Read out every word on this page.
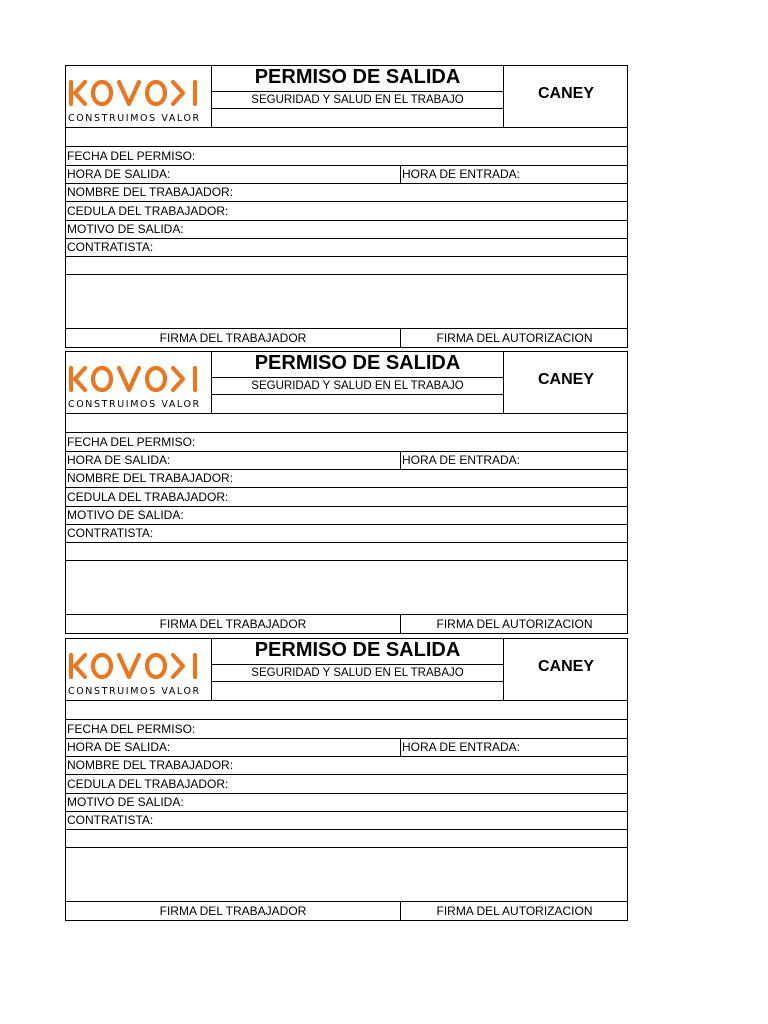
CONSTRUIMOS VALOR
PERMISO DE SALIDA
SEGURIDAD Y SALUD EN EL TRABAJO	CANEY
FECHA DEL PERMISO:
HORA DE SALIDA:	HORA DE ENTRADA:
NOMBRE DEL TRABAJADOR:
CEDULA DEL TRABAJADOR:
MOTIVO DE SALIDA:
CONTRATISTA:
FIRMA DEL TRABAJADOR	FIRMA DEL AUTORIZACION
CONSTRUIMOS VALOR
PERMISO DE SALIDA
SEGURIDAD Y SALUD EN EL TRABAJO	CANEY
FECHA DEL PERMISO:
HORA DE SALIDA:	HORA DE ENTRADA:
NOMBRE DEL TRABAJADOR:
CEDULA DEL TRABAJADOR:
MOTIVO DE SALIDA:
CONTRATISTA:
FIRMA DEL TRABAJADOR	FIRMA DEL AUTORIZACION
CONSTRUIMOS VALOR
PERMISO DE SALIDA
SEGURIDAD Y SALUD EN EL TRABAJO	CANEY
FECHA DEL PERMISO:
HORA DE SALIDA:	HORA DE ENTRADA:
NOMBRE DEL TRABAJADOR:
CEDULA DEL TRABAJADOR:
MOTIVO DE SALIDA:
CONTRATISTA:
FIRMA DEL TRABAJADOR	FIRMA DEL AUTORIZACION
